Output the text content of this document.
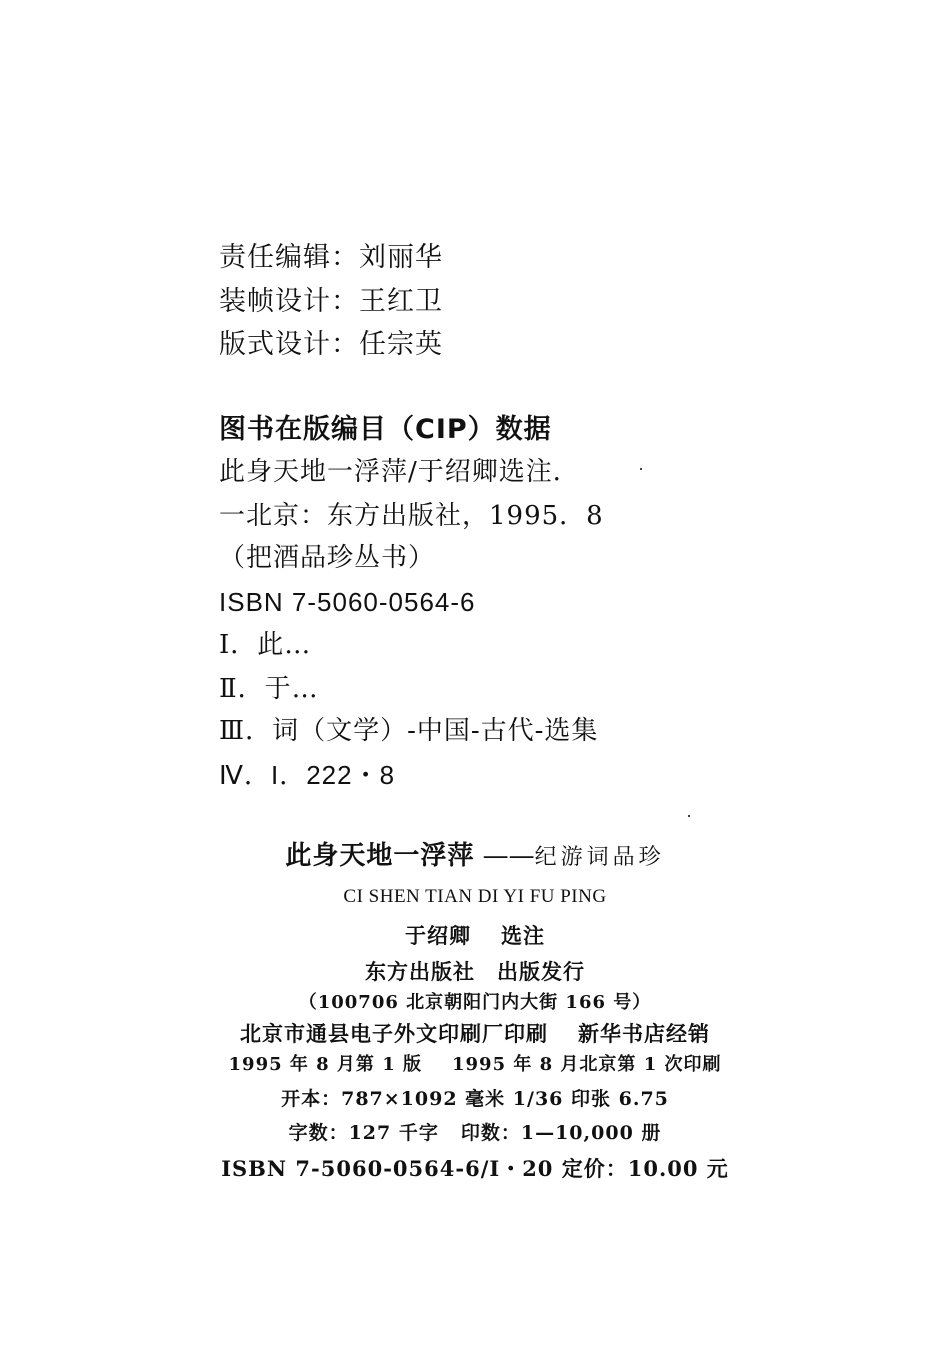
责任编辑：刘丽华
装帧设计：王红卫
版式设计：任宗英
图书在版编目（CIP）数据
此身天地一浮萍/于绍卿选注．
一北京：东方出版社，1995．8
（把酒品珍丛书）
ISBN 7-5060-0564-6
Ⅰ．此…
Ⅱ．于…
Ⅲ．词（文学）-中国-古代-选集
Ⅳ．I．222・8
此身天地一浮萍 ——纪游词品珍
CI SHEN TIAN DI YI FU PING
于绍卿 选注
东方出版社 出版发行
（100706 北京朝阳门内大街 166 号）
北京市通县电子外文印刷厂印刷 新华书店经销
1995 年 8 月第 1 版 1995 年 8 月北京第 1 次印刷
开本：787×1092 毫米 1/36 印张 6.75
字数：127 千字 印数：1—10,000 册
ISBN 7-5060-0564-6/I・20 定价：10.00 元
